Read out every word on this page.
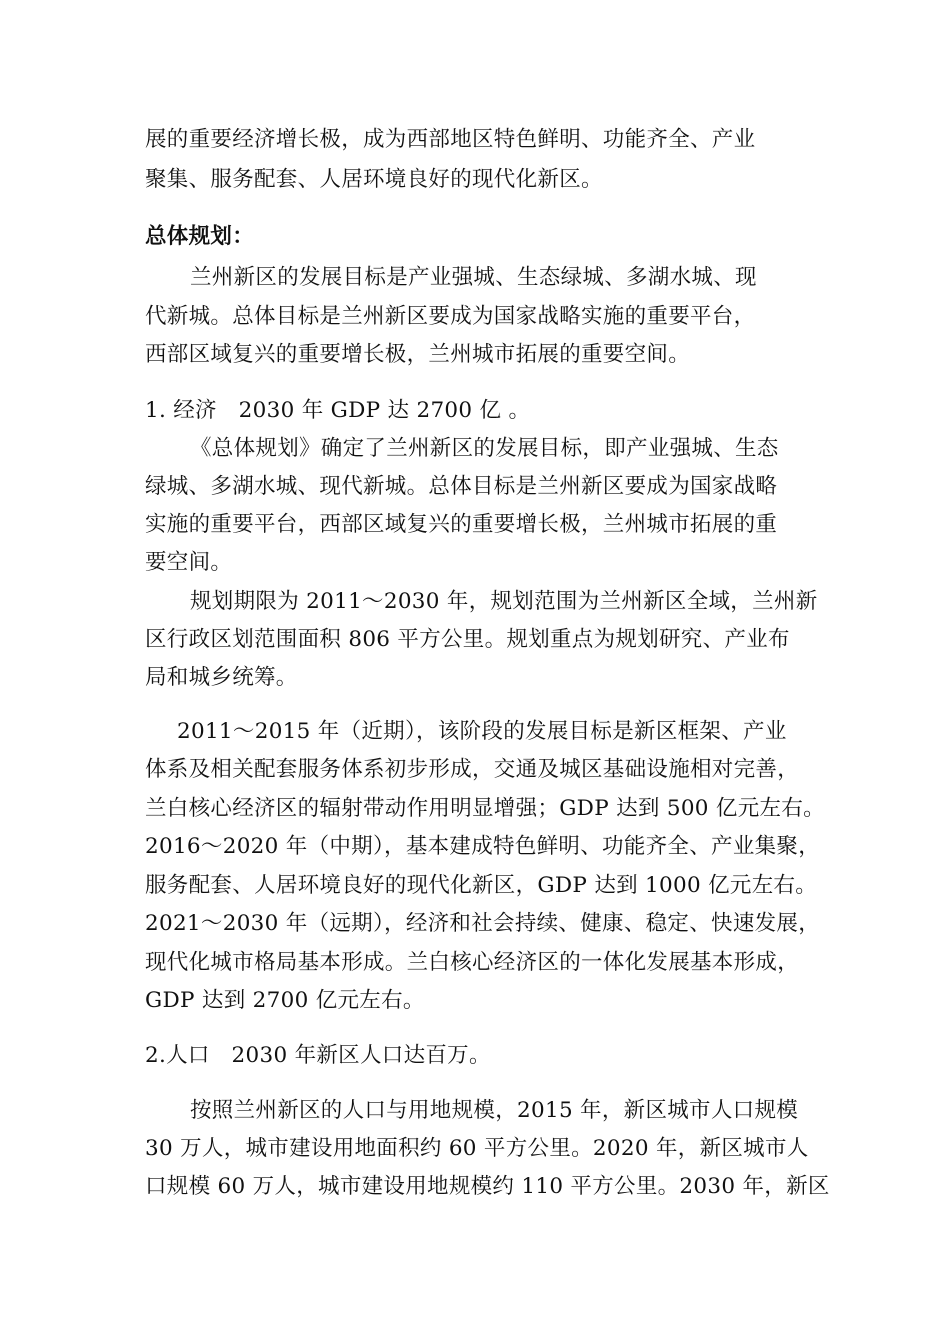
展的重要经济增长极，成为西部地区特色鲜明、功能齐全、产业
聚集、服务配套、人居环境良好的现代化新区。
总体规划：
兰州新区的发展目标是产业强城、生态绿城、多湖水城、现
代新城。总体目标是兰州新区要成为国家战略实施的重要平台，
西部区域复兴的重要增长极，兰州城市拓展的重要空间。
1. 经济　2030 年 GDP 达 2700 亿 。
《总体规划》确定了兰州新区的发展目标，即产业强城、生态
绿城、多湖水城、现代新城。总体目标是兰州新区要成为国家战略
实施的重要平台，西部区域复兴的重要增长极，兰州城市拓展的重
要空间。
规划期限为 2011～2030 年，规划范围为兰州新区全域，兰州新
区行政区划范围面积 806 平方公里。规划重点为规划研究、产业布
局和城乡统筹。
2011～2015 年（近期），该阶段的发展目标是新区框架、产业
体系及相关配套服务体系初步形成，交通及城区基础设施相对完善，
兰白核心经济区的辐射带动作用明显增强；GDP 达到 500 亿元左右。
2016～2020 年（中期），基本建成特色鲜明、功能齐全、产业集聚，
服务配套、人居环境良好的现代化新区，GDP 达到 1000 亿元左右。
2021～2030 年（远期），经济和社会持续、健康、稳定、快速发展，
现代化城市格局基本形成。兰白核心经济区的一体化发展基本形成，
GDP 达到 2700 亿元左右。
2.人口　2030 年新区人口达百万。
按照兰州新区的人口与用地规模，2015 年，新区城市人口规模
30 万人，城市建设用地面积约 60 平方公里。2020 年，新区城市人
口规模 60 万人，城市建设用地规模约 110 平方公里。2030 年，新区
